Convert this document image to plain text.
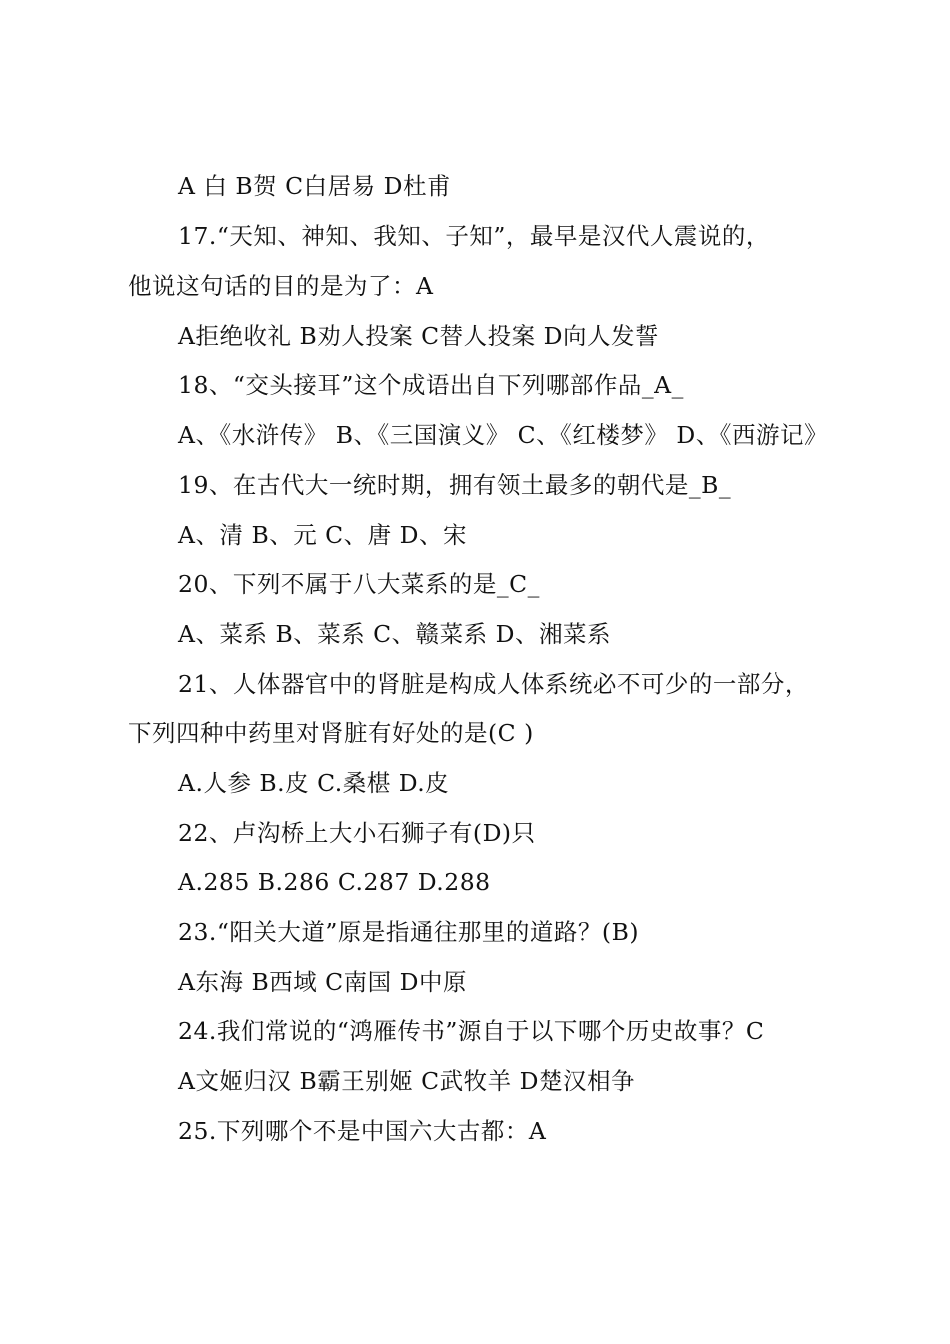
A 白 B贺 C白居易 D杜甫
17.“天知、神知、我知、子知”，最早是汉代人震说的，
他说这句话的目的是为了：A
A拒绝收礼 B劝人投案 C替人投案 D向人发誓
18、“交头接耳”这个成语出自下列哪部作品_A_
A、《水浒传》 B、《三国演义》 C、《红楼梦》 D、《西游记》
19、在古代大一统时期，拥有领土最多的朝代是_B_
A、清 B、元 C、唐 D、宋
20、下列不属于八大菜系的是_C_
A、菜系 B、菜系 C、赣菜系 D、湘菜系
21、人体器官中的肾脏是构成人体系统必不可少的一部分，
下列四种中药里对肾脏有好处的是(C )
A.人参 B.皮 C.桑椹 D.皮
22、卢沟桥上大小石狮子有(D)只
A.285 B.286 C.287 D.288
23.“阳关大道”原是指通往那里的道路？(B)
A东海 B西域 C南国 D中原
24.我们常说的“鸿雁传书”源自于以下哪个历史故事？C
A文姬归汉 B霸王别姬 C武牧羊 D楚汉相争
25.下列哪个不是中国六大古都：A
